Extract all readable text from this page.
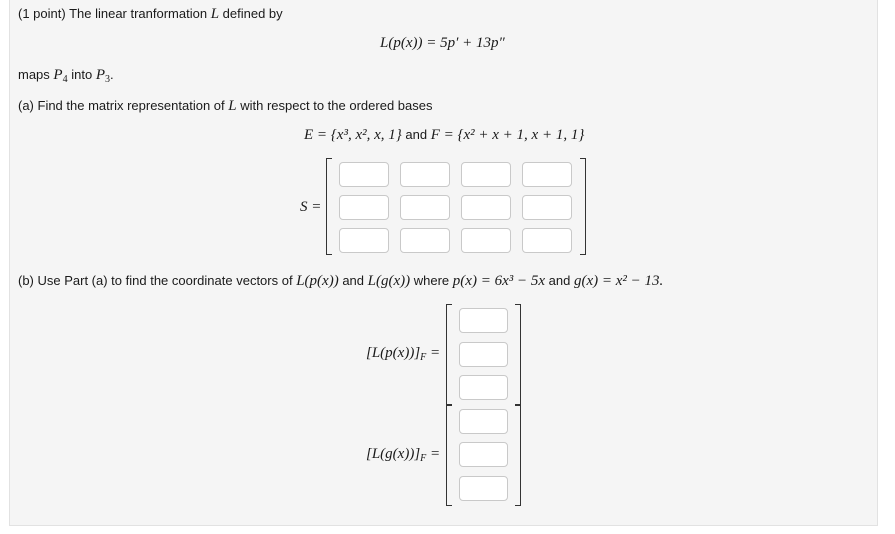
(1 point) The linear tranformation L defined by
L(p(x)) = 5p′ + 13p″
maps $P_4$ into $P_3$.
(a) Find the matrix representation of L with respect to the ordered bases
E = {x³, x², x, 1} and F = {x² + x + 1, x + 1, 1}
S =
(b) Use Part (a) to find the coordinate vectors of L(p(x)) and L(g(x)) where p(x) = 6x³ − 5x and g(x) = x² − 13.
$[L(p(x))]_F$ =
$[L(g(x))]_F$ =
